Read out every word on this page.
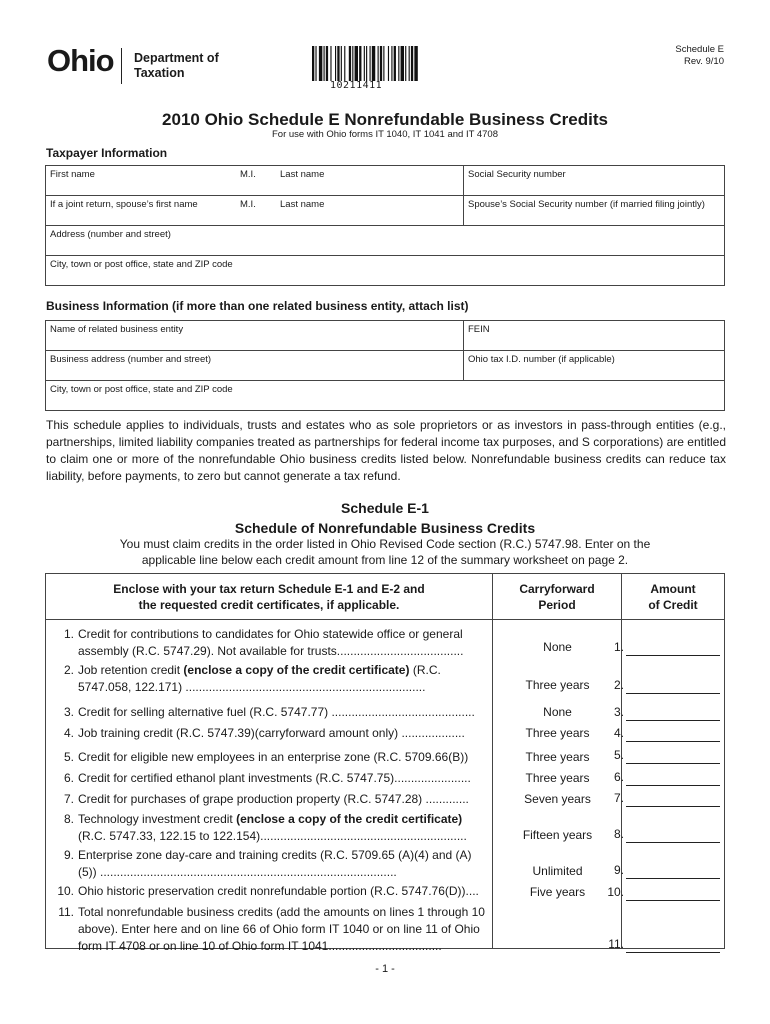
Ohio Department of
Taxation
10211411
Schedule E
Rev. 9/10
2010 Ohio Schedule E Nonrefundable Business Credits
For use with Ohio forms IT 1040, IT 1041 and IT 4708
Taxpayer Information
First name	M.I.	Last name	Social Security number
If a joint return, spouse’s first name	M.I.	Last name	Spouse’s Social Security number (if married filing jointly)
Address (number and street)
City, town or post office, state and ZIP code
Business Information (if more than one related business entity, attach list)
Name of related business entity	FEIN
Business address (number and street)	Ohio tax I.D. number (if applicable)
City, town or post office, state and ZIP code
This schedule applies to individuals, trusts and estates who as sole proprietors or as investors in pass-through entities (e.g., partnerships, limited liability companies treated as partnerships for federal income tax purposes, and S corporations) are entitled to claim one or more of the nonrefundable Ohio business credits listed below. Nonrefundable business credits can reduce tax liability, before payments, to zero but cannot generate a tax refund.
Schedule E-1
Schedule of Nonrefundable Business Credits
You must claim credits in the order listed in Ohio Revised Code section (R.C.) 5747.98. Enter on the
applicable line below each credit amount from line 12 of the summary worksheet on page 2.
Enclose with your tax return Schedule E-1 and E-2 and
the requested credit certificates, if applicable.
Carryforward
Period
Amount
of Credit
1. Credit for contributions to candidates for Ohio statewide office or general assembly (R.C. 5747.29). Not available for trusts......................................	None	1.
2. Job retention credit (enclose a copy of the credit certificate) (R.C. 5747.058, 122.171) ........................................................................	Three years	2.
3. Credit for selling alternative fuel (R.C. 5747.77) ...........................................	None	3.
4. Job training credit (R.C. 5747.39)(carryforward amount only) ...................	Three years	4.
5. Credit for eligible new employees in an enterprise zone (R.C. 5709.66(B))	Three years	5.
6. Credit for certified ethanol plant investments (R.C. 5747.75).......................	Three years	6.
7. Credit for purchases of grape production property (R.C. 5747.28) .............	Seven years	7.
8. Technology investment credit (enclose a copy of the credit certificate) (R.C. 5747.33, 122.15 to 122.154)..............................................................	Fifteen years	8.
9. Enterprise zone day-care and training credits (R.C. 5709.65 (A)(4) and (A)(5)) .........................................................................................	Unlimited	9.
10. Ohio historic preservation credit nonrefundable portion (R.C. 5747.76(D))....	Five years	10.
11. Total nonrefundable business credits (add the amounts on lines 1 through 10 above). Enter here and on line 66 of Ohio form IT 1040 or on line 11 of Ohio form IT 4708 or on line 10 of Ohio form IT 1041..................................	11.
- 1 -
